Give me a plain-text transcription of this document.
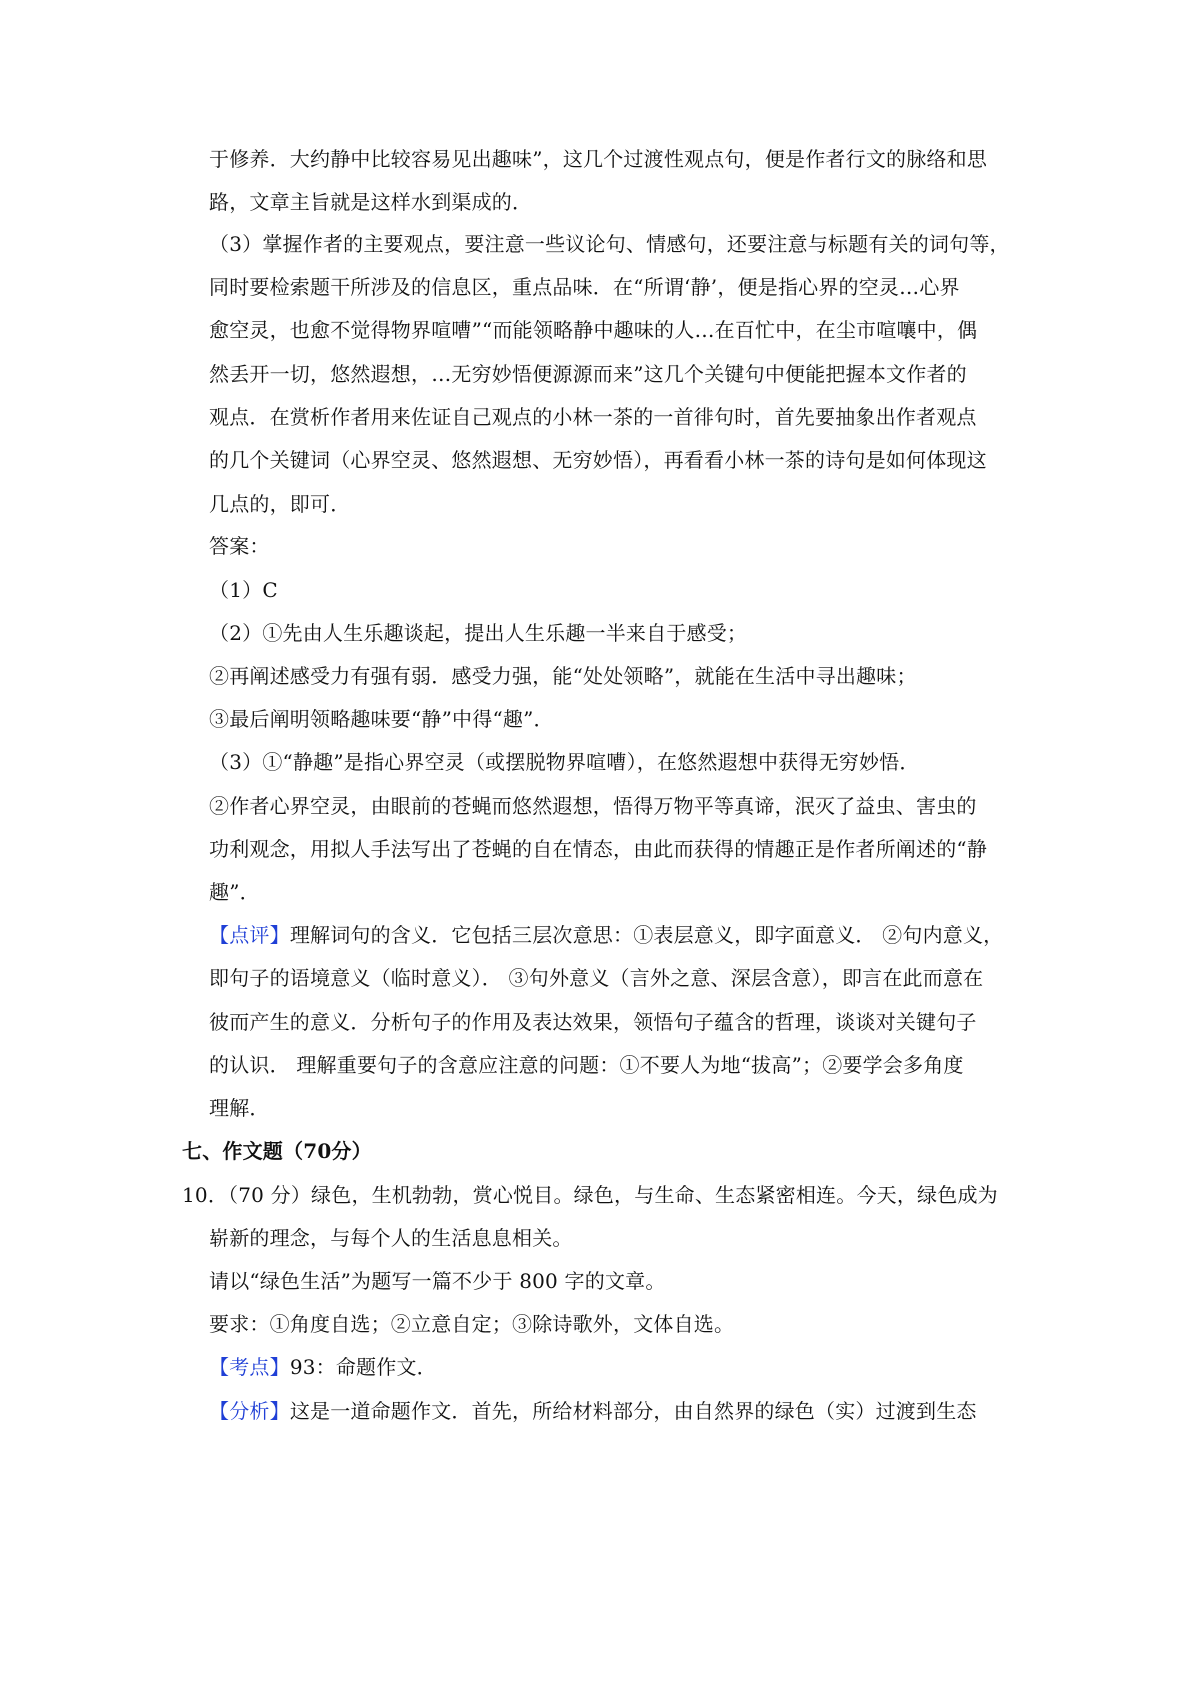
于修养．大约静中比较容易见出趣味”，这几个过渡性观点句，便是作者行文的脉络和思
路，文章主旨就是这样水到渠成的．
（3）掌握作者的主要观点，要注意一些议论句、情感句，还要注意与标题有关的词句等，
同时要检索题干所涉及的信息区，重点品味．在“所谓‘静’，便是指心界的空灵…心界
愈空灵，也愈不觉得物界喧嘈”“而能领略静中趣味的人…在百忙中，在尘市喧嚷中，偶
然丢开一切，悠然遐想，…无穷妙悟便源源而来”这几个关键句中便能把握本文作者的
观点．在赏析作者用来佐证自己观点的小林一茶的一首徘句时，首先要抽象出作者观点
的几个关键词（心界空灵、悠然遐想、无穷妙悟），再看看小林一茶的诗句是如何体现这
几点的，即可．
答案：
（1）C
（2）①先由人生乐趣谈起，提出人生乐趣一半来自于感受；
②再阐述感受力有强有弱．感受力强，能“处处领略”，就能在生活中寻出趣味；
③最后阐明领略趣味要“静”中得“趣”．
（3）①“静趣”是指心界空灵（或摆脱物界喧嘈），在悠然遐想中获得无穷妙悟．
②作者心界空灵，由眼前的苍蝇而悠然遐想，悟得万物平等真谛，泯灭了益虫、害虫的
功利观念，用拟人手法写出了苍蝇的自在情态，由此而获得的情趣正是作者所阐述的“静
趣”．
【点评】理解词句的含义．它包括三层次意思：①表层意义，即字面意义． ②句内意义，
即句子的语境意义（临时意义）． ③句外意义（言外之意、深层含意），即言在此而意在
彼而产生的意义．分析句子的作用及表达效果，领悟句子蕴含的哲理，谈谈对关键句子
的认识． 理解重要句子的含意应注意的问题：①不要人为地“拔高”；②要学会多角度
理解．
七、作文题（70分）
10．（70 分）绿色，生机勃勃，赏心悦目。绿色，与生命、生态紧密相连。今天，绿色成为
崭新的理念，与每个人的生活息息相关。
请以“绿色生活”为题写一篇不少于 800 字的文章。
要求：①角度自选；②立意自定；③除诗歌外，文体自选。
【考点】93：命题作文．
【分析】这是一道命题作文．首先，所给材料部分，由自然界的绿色（实）过渡到生态
